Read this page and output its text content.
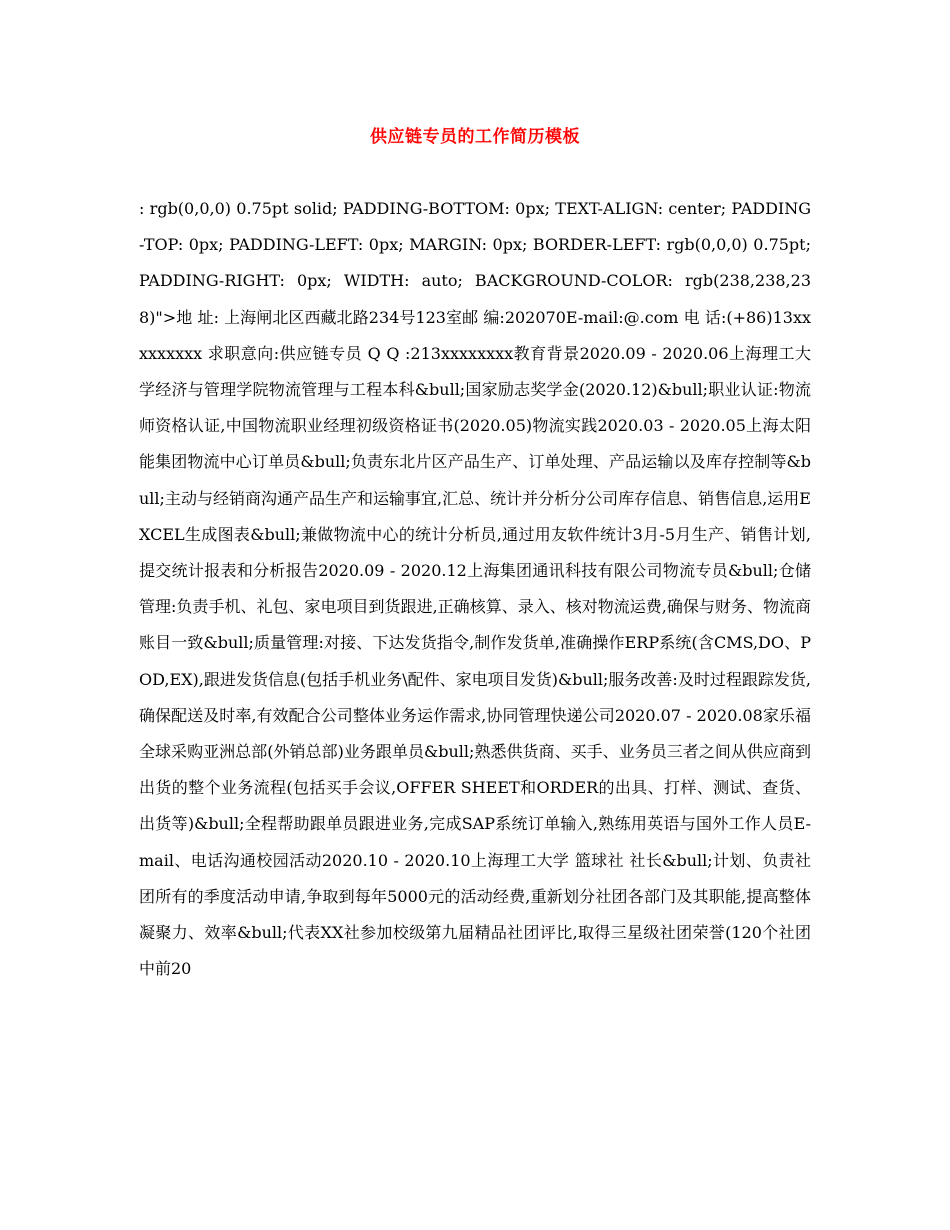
供应链专员的工作简历模板

: rgb(0,0,0) 0.75pt solid; PADDING-BOTTOM: 0px; TEXT-ALIGN: center; PADDING-TOP: 0px; PADDING-LEFT: 0px; MARGIN: 0px; BORDER-LEFT: rgb(0,0,0) 0.75pt; PADDING-RIGHT: 0px; WIDTH: auto; BACKGROUND-COLOR: rgb(238,238,238)">地 址: 上海闸北区西藏北路234号123室邮 编:202070E-mail:@.com 电 话:(+86)13xxxxxxxxx 求职意向:供应链专员 Q Q :213xxxxxxxx教育背景2020.09 - 2020.06上海理工大学经济与管理学院物流管理与工程本科&bull;国家励志奖学金(2020.12)&bull;职业认证:物流师资格认证,中国物流职业经理初级资格证书(2020.05)物流实践2020.03 - 2020.05上海太阳能集团物流中心订单员&bull;负责东北片区产品生产、订单处理、产品运输以及库存控制等&bull;主动与经销商沟通产品生产和运输事宜,汇总、统计并分析分公司库存信息、销售信息,运用EXCEL生成图表&bull;兼做物流中心的统计分析员,通过用友软件统计3月-5月生产、销售计划,提交统计报表和分析报告2020.09 - 2020.12上海集团通讯科技有限公司物流专员&bull;仓储管理:负责手机、礼包、家电项目到货跟进,正确核算、录入、核对物流运费,确保与财务、物流商账目一致&bull;质量管理:对接、下达发货指令,制作发货单,准确操作ERP系统(含CMS,DO、POD,EX),跟进发货信息(包括手机业务\配件、家电项目发货)&bull;服务改善:及时过程跟踪发货,确保配送及时率,有效配合公司整体业务运作需求,协同管理快递公司2020.07 - 2020.08家乐福全球采购亚洲总部(外销总部)业务跟单员&bull;熟悉供货商、买手、业务员三者之间从供应商到出货的整个业务流程(包括买手会议,OFFER SHEET和ORDER的出具、打样、测试、查货、出货等)&bull;全程帮助跟单员跟进业务,完成SAP系统订单输入,熟练用英语与国外工作人员E-mail、电话沟通校园活动2020.10 - 2020.10上海理工大学 篮球社 社长&bull;计划、负责社团所有的季度活动申请,争取到每年5000元的活动经费,重新划分社团各部门及其职能,提高整体凝聚力、效率&bull;代表XX社参加校级第九届精品社团评比,取得三星级社团荣誉(120个社团中前20
